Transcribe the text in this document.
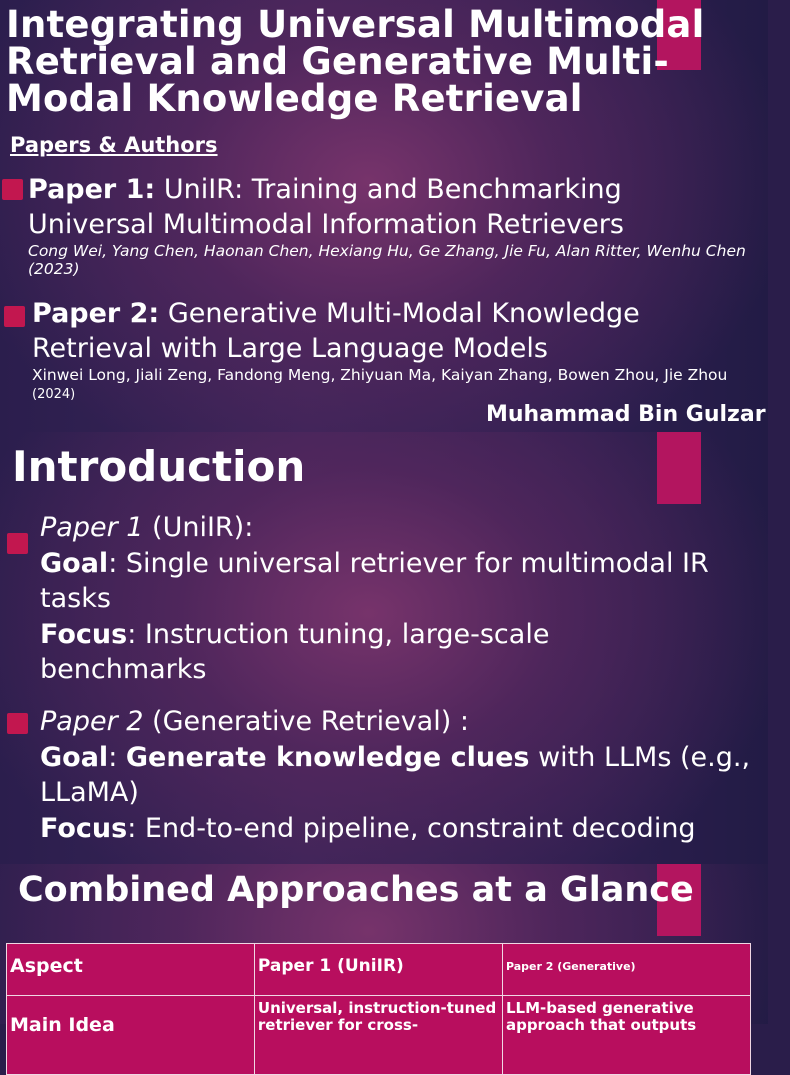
Integrating Universal Multimodal Retrieval and Generative Multi-Modal Knowledge Retrieval
Papers & Authors
Paper 1: UniIR: Training and Benchmarking Universal Multimodal Information Retrievers
Cong Wei, Yang Chen, Haonan Chen, Hexiang Hu, Ge Zhang, Jie Fu, Alan Ritter, Wenhu Chen (2023)
Paper 2: Generative Multi-Modal Knowledge Retrieval with Large Language Models
Xinwei Long, Jiali Zeng, Fandong Meng, Zhiyuan Ma, Kaiyan Zhang, Bowen Zhou, Jie Zhou (2024)
Muhammad Bin Gulzar
Introduction
Paper 1 (UniIR):
Goal: Single universal retriever for multimodal IR tasks
Focus: Instruction tuning, large-scale benchmarks
Paper 2 (Generative Retrieval) :
Goal: Generate knowledge clues with LLMs (e.g., LLaMA)
Focus: End-to-end pipeline, constraint decoding
Combined Approaches at a Glance
Aspect	Paper 1 (UniIR)	Paper 2 (Generative)
Main Idea	Universal, instruction-tuned retriever for cross-	LLM-based generative approach that outputs
